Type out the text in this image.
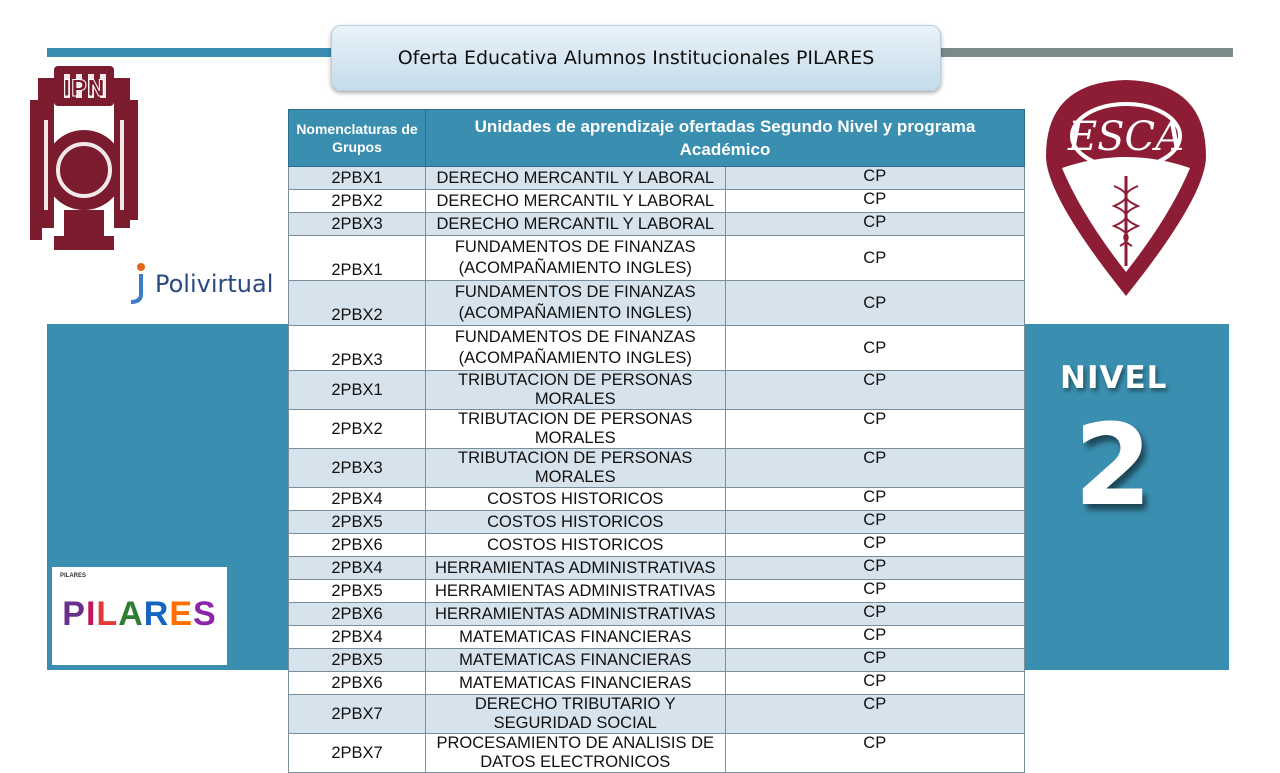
Oferta Educativa Alumnos Institucionales PILARES
IPN
Polivirtual
ESCA
PILARES
PILARES
NIVEL
2
Nomenclaturas de Grupos	Unidades de aprendizaje ofertadas Segundo Nivel y programa Académico	
2PBX1	DERECHO MERCANTIL Y LABORAL	CP
2PBX2	DERECHO MERCANTIL Y LABORAL	CP
2PBX3	DERECHO MERCANTIL Y LABORAL	CP
2PBX1	FUNDAMENTOS DE FINANZAS (ACOMPAÑAMIENTO INGLES)	CP
2PBX2	FUNDAMENTOS DE FINANZAS (ACOMPAÑAMIENTO INGLES)	CP
2PBX3	FUNDAMENTOS DE FINANZAS (ACOMPAÑAMIENTO INGLES)	CP
2PBX1	TRIBUTACION DE PERSONAS MORALES	CP
2PBX2	TRIBUTACION DE PERSONAS MORALES	CP
2PBX3	TRIBUTACION DE PERSONAS MORALES	CP
2PBX4	COSTOS HISTORICOS	CP
2PBX5	COSTOS HISTORICOS	CP
2PBX6	COSTOS HISTORICOS	CP
2PBX4	HERRAMIENTAS ADMINISTRATIVAS	CP
2PBX5	HERRAMIENTAS ADMINISTRATIVAS	CP
2PBX6	HERRAMIENTAS ADMINISTRATIVAS	CP
2PBX4	MATEMATICAS FINANCIERAS	CP
2PBX5	MATEMATICAS FINANCIERAS	CP
2PBX6	MATEMATICAS FINANCIERAS	CP
2PBX7	DERECHO TRIBUTARIO Y SEGURIDAD SOCIAL	CP
2PBX7	PROCESAMIENTO DE ANALISIS DE DATOS ELECTRONICOS	CP
